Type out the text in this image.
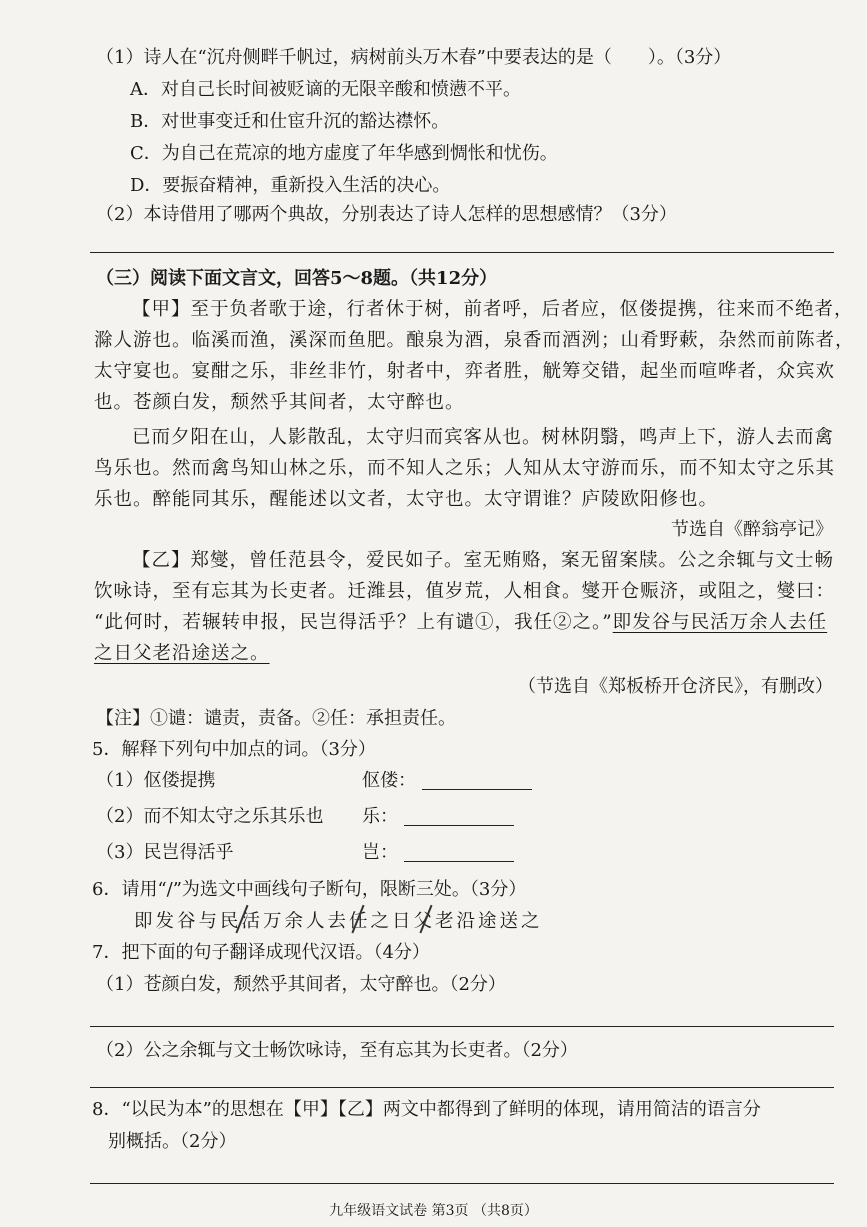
（1）诗人在“沉舟侧畔千帆过，病树前头万木春”中要表达的是（　　）。（3分）
A．对自己长时间被贬谪的无限辛酸和愤懑不平。
B．对世事变迁和仕宦升沉的豁达襟怀。
C．为自己在荒凉的地方虚度了年华感到惆怅和忧伤。
D．要振奋精神，重新投入生活的决心。
（2）本诗借用了哪两个典故，分别表达了诗人怎样的思想感情？（3分）
（三）阅读下面文言文，回答5～8题。（共12分）
【甲】至于负者歌于途，行者休于树，前者呼，后者应，伛偻提携，往来而不绝者，
滁人游也。临溪而渔，溪深而鱼肥。酿泉为酒，泉香而酒洌；山肴野蔌，杂然而前陈者，
太守宴也。宴酣之乐，非丝非竹，射者中，弈者胜，觥筹交错，起坐而喧哗者，众宾欢
也。苍颜白发，颓然乎其间者，太守醉也。
已而夕阳在山，人影散乱，太守归而宾客从也。树林阴翳，鸣声上下，游人去而禽
鸟乐也。然而禽鸟知山林之乐，而不知人之乐；人知从太守游而乐，而不知太守之乐其
乐也。醉能同其乐，醒能述以文者，太守也。太守谓谁？庐陵欧阳修也。
节选自《醉翁亭记》
【乙】郑燮，曾任范县令，爱民如子。室无贿赂，案无留案牍。公之余辄与文士畅
饮咏诗，至有忘其为长吏者。迁潍县，值岁荒，人相食。燮开仓赈济，或阻之，燮曰：
“此何时，若辗转申报，民岂得活乎？上有谴①，我任②之。”即发谷与民活万余人去任
之日父老沿途送之。
（节选自《郑板桥开仓济民》，有删改）
【注】①谴：谴责，责备。②任：承担责任。
5．解释下列句中加点的词。（3分）
（1）伛偻提携	伛偻：
（2）而不知太守之乐其乐也 乐：
（3）民岂得活乎	岂：
6．请用“/”为选文中画线句子断句，限断三处。（3分）
即发谷与民活万余人去任之日父老沿途送之
7．把下面的句子翻译成现代汉语。（4分）
（1）苍颜白发，颓然乎其间者，太守醉也。（2分）
（2）公之余辄与文士畅饮咏诗，至有忘其为长吏者。（2分）
8．“以民为本”的思想在【甲】【乙】两文中都得到了鲜明的体现，请用简洁的语言分
别概括。（2分）
九年级语文试卷 第3页 （共8页）
